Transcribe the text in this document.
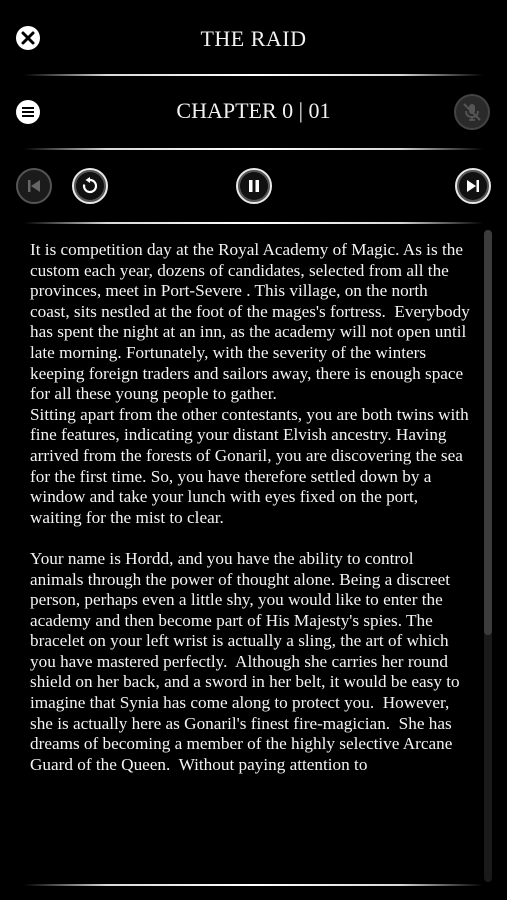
THE RAID
CHAPTER 0 | 01

It is competition day at the Royal Academy of Magic. As is the custom each year, dozens of candidates, selected from all the provinces, meet in Port-Severe . This village, on the north coast, sits nestled at the foot of the mages's fortress.  Everybody has spent the night at an inn, as the academy will not open until late morning. Fortunately, with the severity of the winters keeping foreign traders and sailors away, there is enough space for all these young people to gather.

Sitting apart from the other contestants, you are both twins with fine features, indicating your distant Elvish ancestry. Having arrived from the forests of Gonaril, you are discovering the sea for the first time. So, you have therefore settled down by a window and take your lunch with eyes fixed on the port, waiting for the mist to clear.

Your name is Hordd, and you have the ability to control animals through the power of thought alone. Being a discreet person, perhaps even a little shy, you would like to enter the academy and then become part of His Majesty's spies. The bracelet on your left wrist is actually a sling, the art of which you have mastered perfectly.  Although she carries her round shield on her back, and a sword in her belt, it would be easy to imagine that Synia has come along to protect you.  However, she is actually here as Gonaril's finest fire-magician.  She has dreams of becoming a member of the highly selective Arcane Guard of the Queen.  Without paying attention to
